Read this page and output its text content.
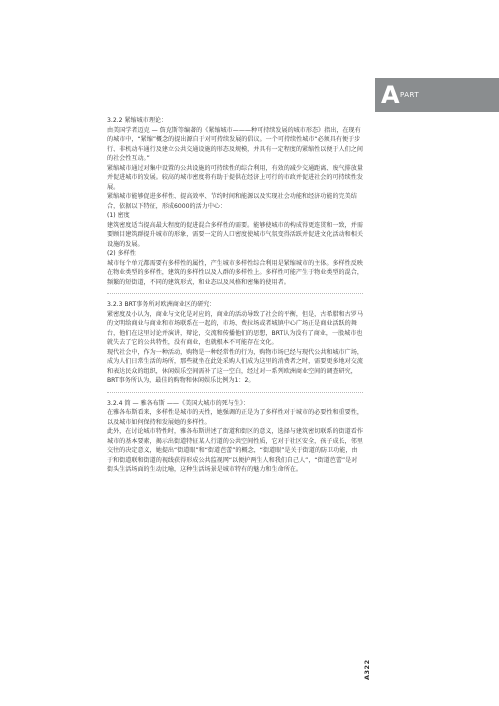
A PART

3.2.2 紧缩城市理论：

由美国学者迈克 — 詹克斯等编著的《紧缩城市———种可持续发展的城市形态》指出，在现有的城市中，“紧缩”概念的提出源自于对可持续发展的倡议。一个可持续性城市“必须具有便于步行、非机动车通行及建立公共交通设施的形态及规模，并具有一定程度的紧缩性以便于人们之间的社会性互动。”

紧缩城市通过对集中设置的公共设施的可持续性的综合利用，有效的减少交通距离、废气排放量并促进城市的发展。较高的城市密度将有助于提供在经济上可行的市政并促进社会的可持续性发展。

紧缩城市能够促进多样性、提高效率、节约时间和能源以及实现社会功能和经济功能的完美结合，依据以下特征，形成6000的活力中心：

(1) 密度
建筑密度适当提高最大程度的促进混合多样性的需要。能够使城市的构成得更连贯和一致，并需要顾目建筑群提升城市的形象，需要一定的人口密度使城市气氛变得活跃并促进文化活动和相关设施的发展。

(2) 多样性
城市每个单元都需要有多样性的属性，产生城市多样性综合利用是紧缩城市的主体。多样性反映在物业类型的多样性，建筑的多样性以及人群的多样性上。多样性可能产生于物业类型的混合，频繁的短街道，不同的建筑形式，和业态以及风格和密集的使用者。

3.2.3 BRT事务所对欧洲商业区的研究：

紧密度及小认为，商业与文化是对应的，商业的活动导致了社会的平衡，但是，古希腊和古罗马的文明给商业与商业和市场联系在一起的，市场、费拉场或者城镇中心广场正是商业活跃的舞台，他们在这里讨论并演讲，辩论，交流和传播他们的思想，BRT认为没有了商业，一股城市也就失去了它的公共特性，没有商业，也就根本不可能存在文化。
现代社会中，作为一种活动，购物是一种经常性的行为，购物市场已经与现代公共和城市广场，成为人们日常生活的场所，那些就坐在此处采购人们成为这里的消费者之时，需要更多地对交流和表达民众的组织，休闲娱乐空间需补了这一空白，经过对一系列欧洲商业空间的调查研究，BRT事务所认为，最佳的购物和休闲娱乐比例为1：2。

3.2.4 简 — 雅各布斯 ——《美国大城市的死与生》：

在雅各布斯看来，多样性是城市的天性，她强调的正是为了多样性对于城市的必要性和重要性，以及城市如何保持和发展她的多样性。

此外，在讨论城市特性时，雅各布斯讲述了街道和街区的意义，选择与建筑密切联系的街道看作城市的基本要素，揭示出街道特征某人行道的公共空间性质，它对于社区安全，孩子成长，邻里交往的决定意义，她提出“街道眼”和“街道芭蕾”的概念，“街道眼”是关于街道的防卫功能，由于和街道联和街道的视线获得形成公共监视网“以便护两生人和我们自己人”，“街道芭蕾”是对街头生活场面的生动比喻，这种生活场景是城市特有的魅力和生命所在。

A322
